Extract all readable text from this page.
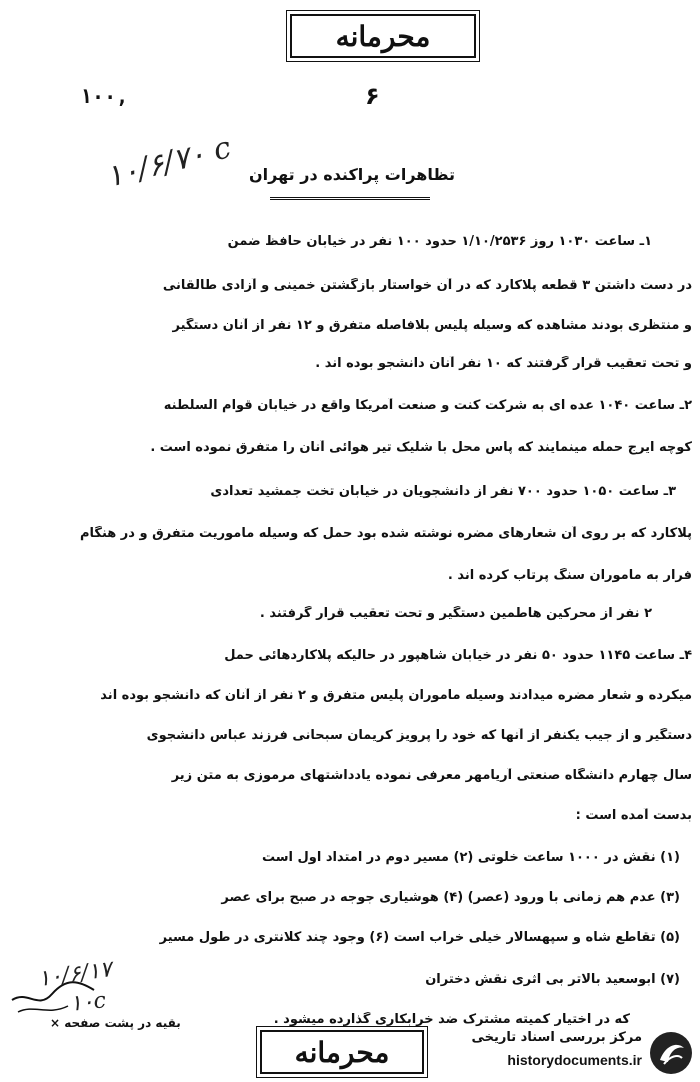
محرمانه
۱۰۰,	۶
۱۰/۶/۷۰ c تظاهرات پراکنده در تهران
۱ـ ساعت ۱۰۳۰ روز ۱/۱۰/۲۵۳۶ حدود ۱۰۰ نفر در خیابان حافظ ضمن
در دست داشتن ۳ قطعه پلاکارد که در آن خواستار بازگشتن خمینی و آزادی طالقانی
و منتظری بودند مشاهده که وسیله پلیس بلافاصله متفرق و ۱۲ نفر از آنان دستگیر
و تحت تعقیب قرار گرفتند که ۱۰ نفر آنان دانشجو بوده اند .
۲ـ ساعت ۱۰۴۰ عده ای به شرکت کنت و صنعت آمریکا واقع در خیابان قوام السلطنه
کوچه ایرج حمله مینمایند که پاس محل با شلیک تیر هوائی آنان را متفرق نموده است .
۳ـ ساعت ۱۰۵۰ حدود ۷۰۰ نفر از دانشجویان در خیابان تخت جمشید تعدادی
پلاکارد که بر روی آن شعارهای مضره نوشته شده بود حمل که وسیله ماموریت متفرق و در هنگام
فرار به ماموران سنگ پرتاب کرده اند .
۲ نفر از محرکین هاطمین دستگیر و تحت تعقیب قرار گرفتند .
۴ـ ساعت ۱۱۴۵ حدود ۵۰ نفر در خیابان شاهپور در حالیکه پلاکاردهائی حمل
میکرده و شعار مضره میدادند وسیله ماموران پلیس متفرق و ۲ نفر از آنان که دانشجو بوده اند
دستگیر و از جیب یکنفر از آنها که خود را پرویز کریمان سبحانی فرزند عباس دانشجوی
سال چهارم دانشگاه صنعتی آریامهر معرفی نموده یادداشتهای مرموزی به متن زیر
بدست آمده است :
(۱) نقش در ۱۰۰۰ ساعت خلوتی (۲) مسیر دوم در امتداد اول است
(۳) عدم هم زمانی با ورود (عصر) (۴) هوشیاری جوجه در صبح برای عصر
(۵) تقاطع شاه و سپهسالار خیلی خراب است (۶) وجود چند کلانتری در طول مسیر
(۷) ابوسعید بالاتر بی اثری نقش دختران
که در اختیار کمیته مشترک ضد خرابکاری گذارده میشود .
۱۰/۶/۱۷
۱۰c
بقیه در پشت صفحه ×
محرمانه	مرکز بررسی اسناد تاریخی
historydocuments.ir
